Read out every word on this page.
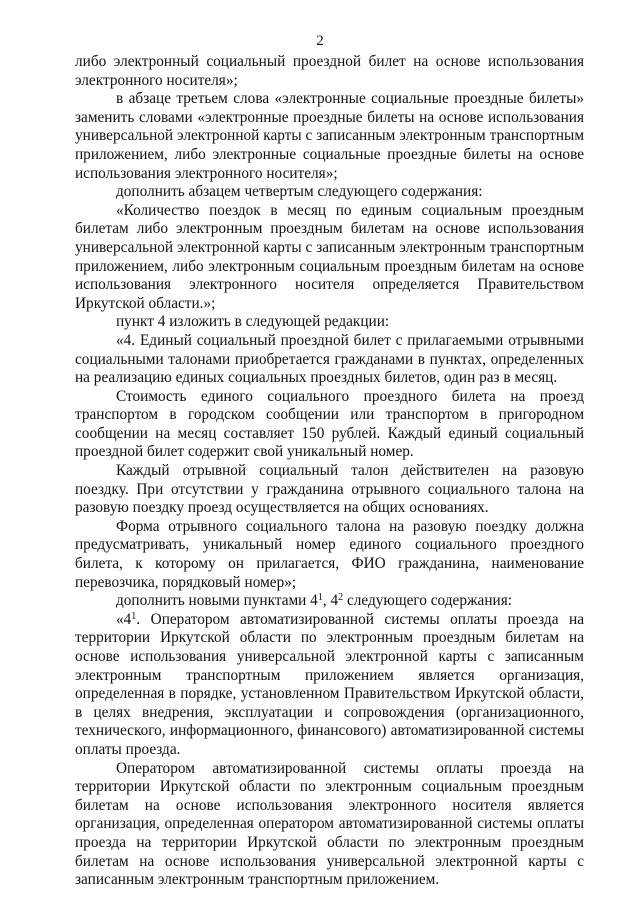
2

либо электронный социальный проездной билет на основе использования электронного носителя»;

в абзаце третьем слова «электронные социальные проездные билеты» заменить словами «электронные проездные билеты на основе использования универсальной электронной карты с записанным электронным транспортным приложением, либо электронные социальные проездные билеты на основе использования электронного носителя»;

дополнить абзацем четвертым следующего содержания:

«Количество поездок в месяц по единым социальным проездным билетам либо электронным проездным билетам на основе использования универсальной электронной карты с записанным электронным транспортным приложением, либо электронным социальным проездным билетам на основе использования электронного носителя определяется Правительством Иркутской области.»;

пункт 4 изложить в следующей редакции:

«4. Единый социальный проездной билет с прилагаемыми отрывными социальными талонами приобретается гражданами в пунктах, определенных на реализацию единых социальных проездных билетов, один раз в месяц.

Стоимость единого социального проездного билета на проезд транспортом в городском сообщении или транспортом в пригородном сообщении на месяц составляет 150 рублей. Каждый единый социальный проездной билет содержит свой уникальный номер.

Каждый отрывной социальный талон действителен на разовую поездку. При отсутствии у гражданина отрывного социального талона на разовую поездку проезд осуществляется на общих основаниях.

Форма отрывного социального талона на разовую поездку должна предусматривать, уникальный номер единого социального проездного билета, к которому он прилагается, ФИО гражданина, наименование перевозчика, порядковый номер»;

дополнить новыми пунктами $4^1$, $4^2$ следующего содержания:

«$4^1$. Оператором автоматизированной системы оплаты проезда на территории Иркутской области по электронным проездным билетам на основе использования универсальной электронной карты с записанным электронным транспортным приложением является организация, определенная в порядке, установленном Правительством Иркутской области, в целях внедрения, эксплуатации и сопровождения (организационного, технического, информационного, финансового) автоматизированной системы оплаты проезда.

Оператором автоматизированной системы оплаты проезда на территории Иркутской области по электронным социальным проездным билетам на основе использования электронного носителя является организация, определенная оператором автоматизированной системы оплаты проезда на территории Иркутской области по электронным проездным билетам на основе использования универсальной электронной карты с записанным электронным транспортным приложением.
